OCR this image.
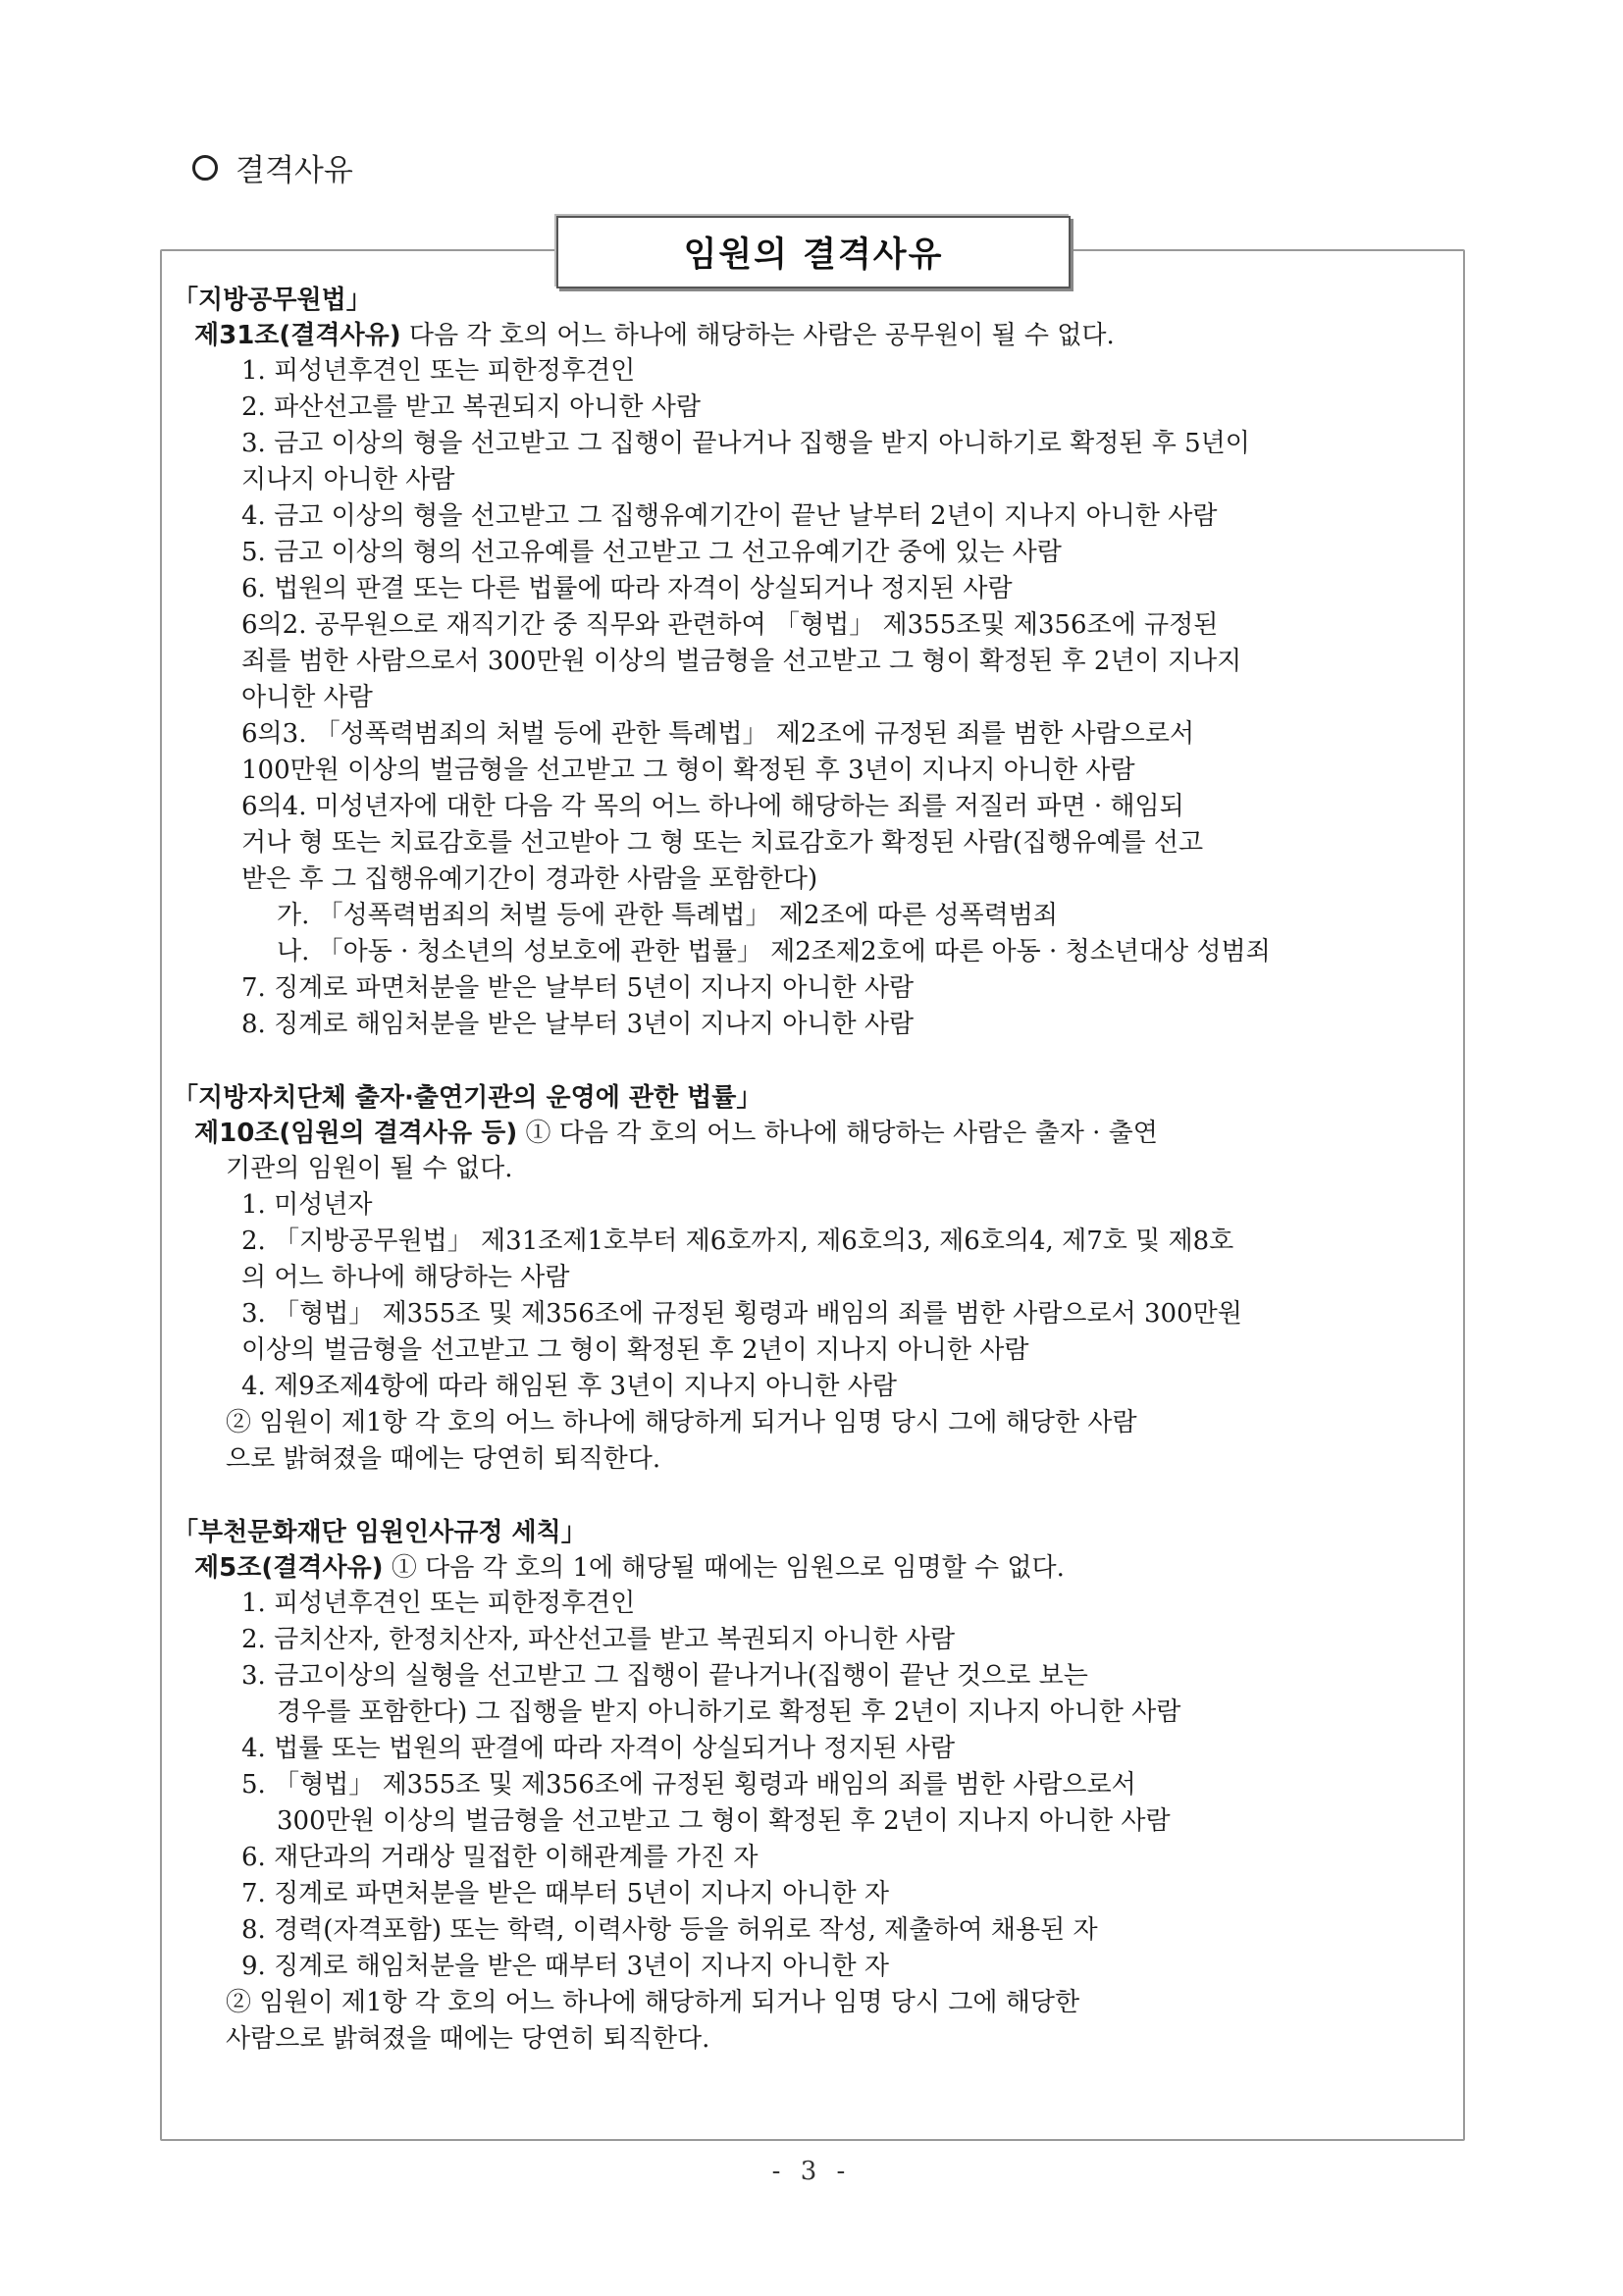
결격사유
임원의 결격사유
「지방공무원법」
제31조(결격사유) 다음 각 호의 어느 하나에 해당하는 사람은 공무원이 될 수 없다.
1. 피성년후견인 또는 피한정후견인
2. 파산선고를 받고 복권되지 아니한 사람
3. 금고 이상의 형을 선고받고 그 집행이 끝나거나 집행을 받지 아니하기로 확정된 후 5년이
지나지 아니한 사람
4. 금고 이상의 형을 선고받고 그 집행유예기간이 끝난 날부터 2년이 지나지 아니한 사람
5. 금고 이상의 형의 선고유예를 선고받고 그 선고유예기간 중에 있는 사람
6. 법원의 판결 또는 다른 법률에 따라 자격이 상실되거나 정지된 사람
6의2. 공무원으로 재직기간 중 직무와 관련하여 「형법」 제355조및 제356조에 규정된
죄를 범한 사람으로서 300만원 이상의 벌금형을 선고받고 그 형이 확정된 후 2년이 지나지
아니한 사람
6의3. 「성폭력범죄의 처벌 등에 관한 특례법」 제2조에 규정된 죄를 범한 사람으로서
100만원 이상의 벌금형을 선고받고 그 형이 확정된 후 3년이 지나지 아니한 사람
6의4. 미성년자에 대한 다음 각 목의 어느 하나에 해당하는 죄를 저질러 파면 · 해임되
거나 형 또는 치료감호를 선고받아 그 형 또는 치료감호가 확정된 사람(집행유예를 선고
받은 후 그 집행유예기간이 경과한 사람을 포함한다)
가. 「성폭력범죄의 처벌 등에 관한 특례법」 제2조에 따른 성폭력범죄
나. 「아동 · 청소년의 성보호에 관한 법률」 제2조제2호에 따른 아동 · 청소년대상 성범죄
7. 징계로 파면처분을 받은 날부터 5년이 지나지 아니한 사람
8. 징계로 해임처분을 받은 날부터 3년이 지나지 아니한 사람
「지방자치단체 출자·출연기관의 운영에 관한 법률」
제10조(임원의 결격사유 등) ① 다음 각 호의 어느 하나에 해당하는 사람은 출자 · 출연
기관의 임원이 될 수 없다.
1. 미성년자
2. 「지방공무원법」 제31조제1호부터 제6호까지, 제6호의3, 제6호의4, 제7호 및 제8호
의 어느 하나에 해당하는 사람
3. 「형법」 제355조 및 제356조에 규정된 횡령과 배임의 죄를 범한 사람으로서 300만원
이상의 벌금형을 선고받고 그 형이 확정된 후 2년이 지나지 아니한 사람
4. 제9조제4항에 따라 해임된 후 3년이 지나지 아니한 사람
② 임원이 제1항 각 호의 어느 하나에 해당하게 되거나 임명 당시 그에 해당한 사람
으로 밝혀졌을 때에는 당연히 퇴직한다.
「부천문화재단 임원인사규정 세칙」
제5조(결격사유) ① 다음 각 호의 1에 해당될 때에는 임원으로 임명할 수 없다.
1. 피성년후견인 또는 피한정후견인
2. 금치산자, 한정치산자, 파산선고를 받고 복권되지 아니한 사람
3. 금고이상의 실형을 선고받고 그 집행이 끝나거나(집행이 끝난 것으로 보는
경우를 포함한다) 그 집행을 받지 아니하기로 확정된 후 2년이 지나지 아니한 사람
4. 법률 또는 법원의 판결에 따라 자격이 상실되거나 정지된 사람
5. 「형법」 제355조 및 제356조에 규정된 횡령과 배임의 죄를 범한 사람으로서
300만원 이상의 벌금형을 선고받고 그 형이 확정된 후 2년이 지나지 아니한 사람
6. 재단과의 거래상 밀접한 이해관계를 가진 자
7. 징계로 파면처분을 받은 때부터 5년이 지나지 아니한 자
8. 경력(자격포함) 또는 학력, 이력사항 등을 허위로 작성, 제출하여 채용된 자
9. 징계로 해임처분을 받은 때부터 3년이 지나지 아니한 자
② 임원이 제1항 각 호의 어느 하나에 해당하게 되거나 임명 당시 그에 해당한
사람으로 밝혀졌을 때에는 당연히 퇴직한다.
- 3 -
